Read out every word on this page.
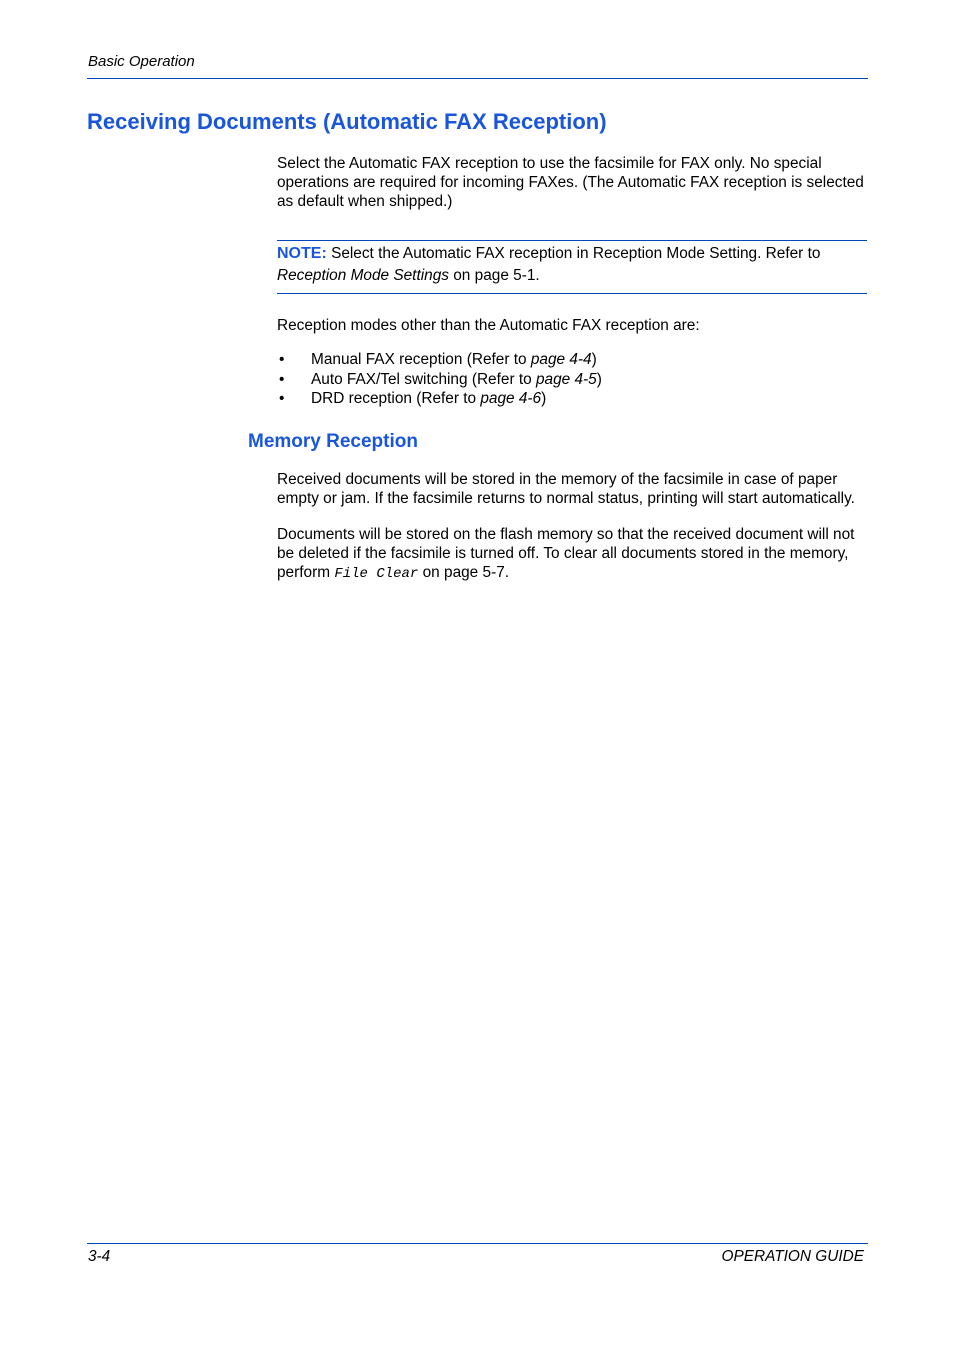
Basic Operation
Receiving Documents (Automatic FAX Reception)
Select the Automatic FAX reception to use the facsimile for FAX only. No special operations are required for incoming FAXes. (The Automatic FAX reception is selected as default when shipped.)
NOTE: Select the Automatic FAX reception in Reception Mode Setting. Refer to Reception Mode Settings on page 5-1.
Reception modes other than the Automatic FAX reception are:
• Manual FAX reception (Refer to page 4-4)
• Auto FAX/Tel switching (Refer to page 4-5)
• DRD reception (Refer to page 4-6)
Memory Reception
Received documents will be stored in the memory of the facsimile in case of paper empty or jam. If the facsimile returns to normal status, printing will start automatically.
Documents will be stored on the flash memory so that the received document will not be deleted if the facsimile is turned off. To clear all documents stored in the memory, perform File Clear on page 5-7.
3-4	OPERATION GUIDE
